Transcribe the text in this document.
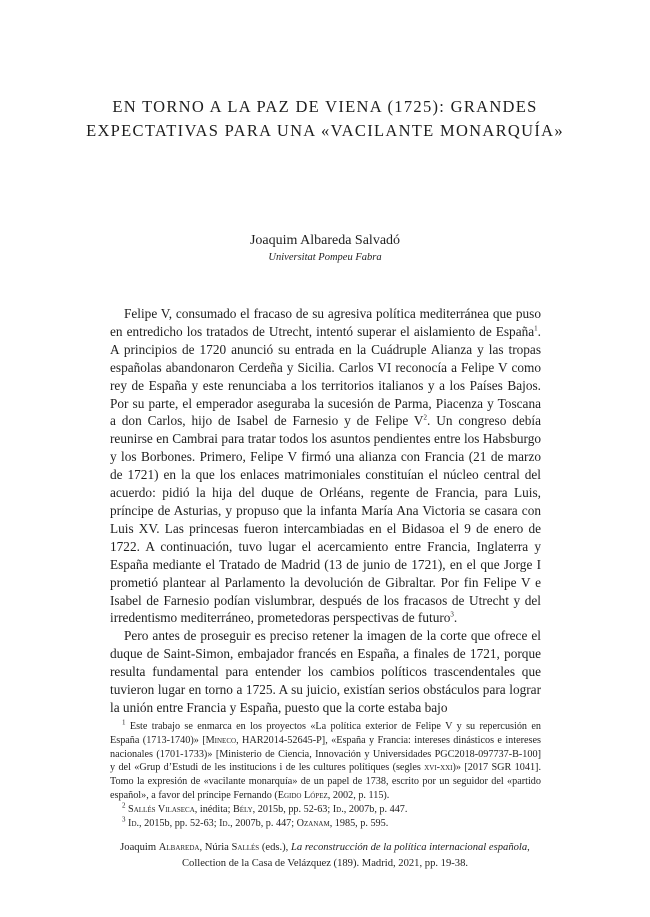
EN TORNO A LA PAZ DE VIENA (1725): GRANDES
EXPECTATIVAS PARA UNA «VACILANTE MONARQUÍA»
Joaquim Albareda Salvadó
Universitat Pompeu Fabra

Felipe V, consumado el fracaso de su agresiva política mediterránea que puso en entredicho los tratados de Utrecht, intentó superar el aislamiento de España$^1$. A principios de 1720 anunció su entrada en la Cuádruple Alianza y las tropas españolas abandonaron Cerdeña y Sicilia. Carlos VI reconocía a Felipe V como rey de España y este renunciaba a los territorios italianos y a los Países Bajos. Por su parte, el emperador aseguraba la sucesión de Parma, Piacenza y Toscana a don Carlos, hijo de Isabel de Farnesio y de Felipe $V^2$. Un congreso debía reunirse en Cambrai para tratar todos los asuntos pendientes entre los Habsburgo y los Borbones. Primero, Felipe V firmó una alianza con Francia (21 de marzo de 1721) en la que los enlaces matrimoniales constituían el núcleo central del acuerdo: pidió la hija del duque de Orléans, regente de Francia, para Luis, príncipe de Asturias, y propuso que la infanta María Ana Victoria se casara con Luis XV. Las princesas fueron intercambiadas en el Bidasoa el 9 de enero de 1722. A continuación, tuvo lugar el acercamiento entre Francia, Inglaterra y España mediante el Tratado de Madrid (13 de junio de 1721), en el que Jorge I prometió plantear al Parlamento la devolución de Gibraltar. Por fin Felipe V e Isabel de Farnesio podían vislumbrar, después de los fracasos de Utrecht y del irredentismo mediterráneo, prometedoras perspectivas de futuro$^3$.

Pero antes de proseguir es preciso retener la imagen de la corte que ofrece el duque de Saint-Simon, embajador francés en España, a finales de 1721, porque resulta fundamental para entender los cambios políticos trascendentales que tuvieron lugar en torno a 1725. A su juicio, existían serios obstáculos para lograr la unión entre Francia y España, puesto que la corte estaba bajo

$^1$ Este trabajo se enmarca en los proyectos «La política exterior de Felipe V y su repercusión en España (1713-1740)» [Mineco, HAR2014-52645-P], «España y Francia: intereses dinásticos e intereses nacionales (1701-1733)» [Ministerio de Ciencia, Innovación y Universidades PGC2018-097737-B-100] y del «Grup d’Estudi de les institucions i de les cultures polítiques (segles xvi-xxi)» [2017 SGR 1041]. Tomo la expresión de «vacilante monarquía» de un papel de 1738, escrito por un seguidor del «partido español», a favor del príncipe Fernando (Egido López, 2002, p. 115).

$^2$ Sallés Vilaseca, inédita; Bély, 2015b, pp. 52-63; Id., 2007b, p. 447.

$^3$ Id., 2015b, pp. 52-63; Id., 2007b, p. 447; Ozanam, 1985, p. 595.

Joaquim Albareda, Núria Sallés (eds.), La reconstrucción de la política internacional española,
Collection de la Casa de Velázquez (189). Madrid, 2021, pp. 19-38.
